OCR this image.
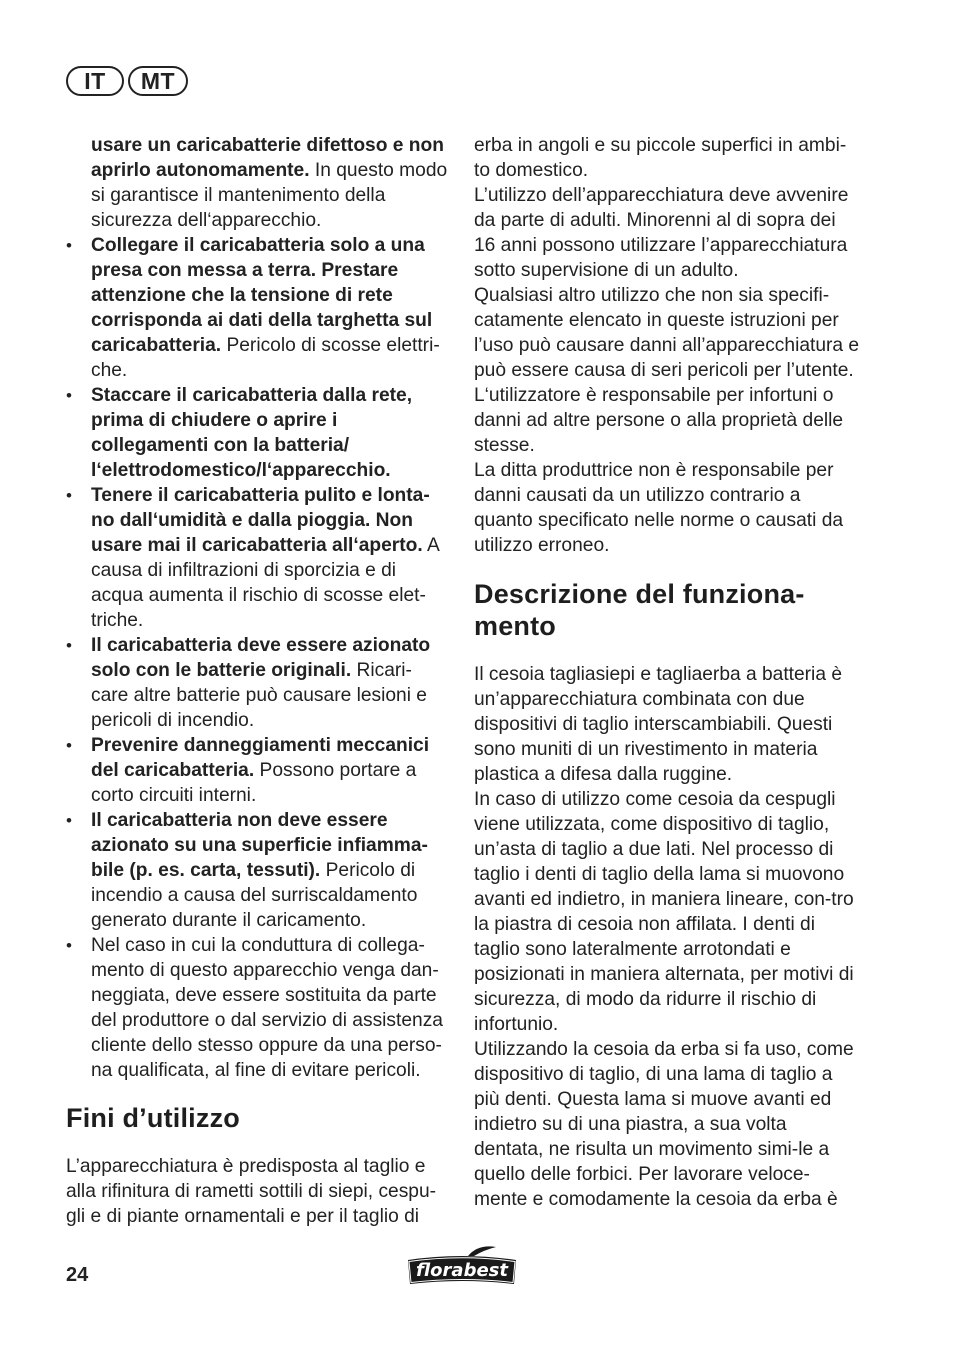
IT	MT

usare un caricabatterie difettoso e non aprirlo autonomamente. In questo modo si garantisce il mantenimento della sicurezza dell‘apparecchio.

• Collegare il caricabatteria solo a una presa con messa a terra. Prestare attenzione che la tensione di rete corrisponda ai dati della targhetta sul caricabatteria. Pericolo di scosse elettri-che.
• Staccare il caricabatteria dalla rete, prima di chiudere o aprire i collegamenti con la batteria/ l‘elettrodomestico/l‘apparecchio.
• Tenere il caricabatteria pulito e lonta-no dall‘umidità e dalla pioggia. Non usare mai il caricabatteria all‘aperto. A causa di infiltrazioni di sporcizia e di acqua aumenta il rischio di scosse elet-triche.
• Il caricabatteria deve essere azionato solo con le batterie originali. Ricari-care altre batterie può causare lesioni e pericoli di incendio.
• Prevenire danneggiamenti meccanici del caricabatteria. Possono portare a corto circuiti interni.
• Il caricabatteria non deve essere azionato su una superficie infiamma-bile (p. es. carta, tessuti). Pericolo di incendio a causa del surriscaldamento generato durante il caricamento.
• Nel caso in cui la conduttura di collega-mento di questo apparecchio venga dan-neggiata, deve essere sostituita da parte del produttore o dal servizio di assistenza cliente dello stesso oppure da una perso-na qualificata, al fine di evitare pericoli.
Fini d’utilizzo

L’apparecchiatura è predisposta al taglio e alla rifinitura di rametti sottili di siepi, cespu-gli e di piante ornamentali e per il taglio di

erba in angoli e su piccole superfici in ambi-to domestico.

L’utilizzo dell’apparecchiatura deve avvenire da parte di adulti. Minorenni al di sopra dei 16 anni possono utilizzare l’apparecchiatura sotto supervisione di un adulto.

Qualsiasi altro utilizzo che non sia specifi-catamente elencato in queste istruzioni per l’uso può causare danni all’apparecchiatura e può essere causa di seri pericoli per l’utente.

L‘utilizzatore è responsabile per infortuni o danni ad altre persone o alla proprietà delle stesse.

La ditta produttrice non è responsabile per danni causati da un utilizzo contrario a quanto specificato nelle norme o causati da utilizzo erroneo.

Descrizione del funziona-mento

Il cesoia tagliasiepi e tagliaerba a batteria è un’apparecchiatura combinata con due dispositivi di taglio interscambiabili. Questi sono muniti di un rivestimento in materia plastica a difesa dalla ruggine.

In caso di utilizzo come cesoia da cespugli viene utilizzata, come dispositivo di taglio, un’asta di taglio a due lati. Nel processo di taglio i denti di taglio della lama si muovono avanti ed indietro, in maniera lineare, con-tro la piastra di cesoia non affilata. I denti di taglio sono lateralmente arrotondati e posizionati in maniera alternata, per motivi di sicurezza, di modo da ridurre il rischio di infortunio.

Utilizzando la cesoia da erba si fa uso, come dispositivo di taglio, di una lama di taglio a più denti. Questa lama si muove avanti ed indietro su di una piastra, a sua volta dentata, ne risulta un movimento simi-le a quello delle forbici. Per lavorare veloce-mente e comodamente la cesoia da erba è

24	florabest
